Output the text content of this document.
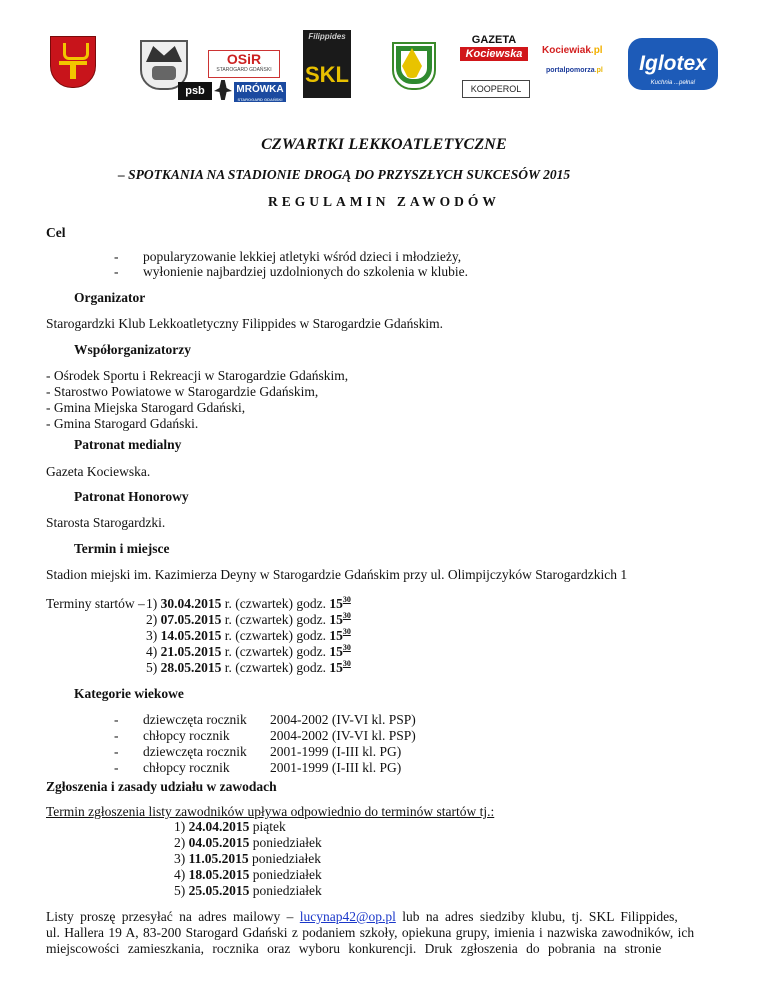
OSiR
STAROGARD GDAŃSKI
Filippides
SKL
psb	MRÓWKA
STAROGARD GDAŃSKI
GAZETA
Kociewska
KOOPEROL
Kociewiak.pl
portalpomorza.pl	Iglotex
Kuchnia ...pełna!
CZWARTKI LEKKOATLETYCZNE
– SPOTKANIA NA STADIONIE DROGĄ DO PRZYSZŁYCH SUKCESÓW 2015
REGULAMIN ZAWODÓW
Cel
- popularyzowanie lekkiej atletyki wśród dzieci i młodzieży,
- wyłonienie najbardziej uzdolnionych do szkolenia w klubie.
Organizator
Starogardzki Klub Lekkoatletyczny Filippides w Starogardzie Gdańskim.
Współorganizatorzy
- Ośrodek Sportu i Rekreacji w Starogardzie Gdańskim,
- Starostwo Powiatowe w Starogardzie Gdańskim,
- Gmina Miejska Starogard Gdański,
- Gmina Starogard Gdański.
Patronat medialny
Gazeta Kociewska.
Patronat Honorowy
Starosta Starogardzki.
Termin i miejsce
Stadion miejski im. Kazimierza Deyny w Starogardzie Gdańskim przy ul. Olimpijczyków Starogardzkich 1
Terminy startów – 1) 30.04.2015 r. (czwartek) godz. $15^{30}$
2) 07.05.2015 r. (czwartek) godz. $15^{30}$
3) 14.05.2015 r. (czwartek) godz. $15^{30}$
4) 21.05.2015 r. (czwartek) godz. $15^{30}$
5) 28.05.2015 r. (czwartek) godz. $15^{30}$
Kategorie wiekowe
- dziewczęta rocznik 2004-2002 (IV-VI kl. PSP)
- chłopcy rocznik	2004-2002 (IV-VI kl. PSP)
- dziewczęta rocznik 2001-1999 (I-III kl. PG)
- chłopcy rocznik	2001-1999 (I-III kl. PG)
Zgłoszenia i zasady udziału w zawodach
Termin zgłoszenia listy zawodników upływa odpowiednio do terminów startów tj.:
1) 24.04.2015 piątek
2) 04.05.2015 poniedziałek
3) 11.05.2015 poniedziałek
4) 18.05.2015 poniedziałek
5) 25.05.2015 poniedziałek
Listy proszę przesyłać na adres mailowy – lucynap42@op.pl lub na adres siedziby klubu, tj. SKL Filippides,
ul. Hallera 19 A, 83-200 Starogard Gdański z podaniem szkoły, opiekuna grupy, imienia i nazwiska zawodników, ich
miejscowości zamieszkania, rocznika oraz wyboru konkurencji. Druk zgłoszenia do pobrania na stronie
